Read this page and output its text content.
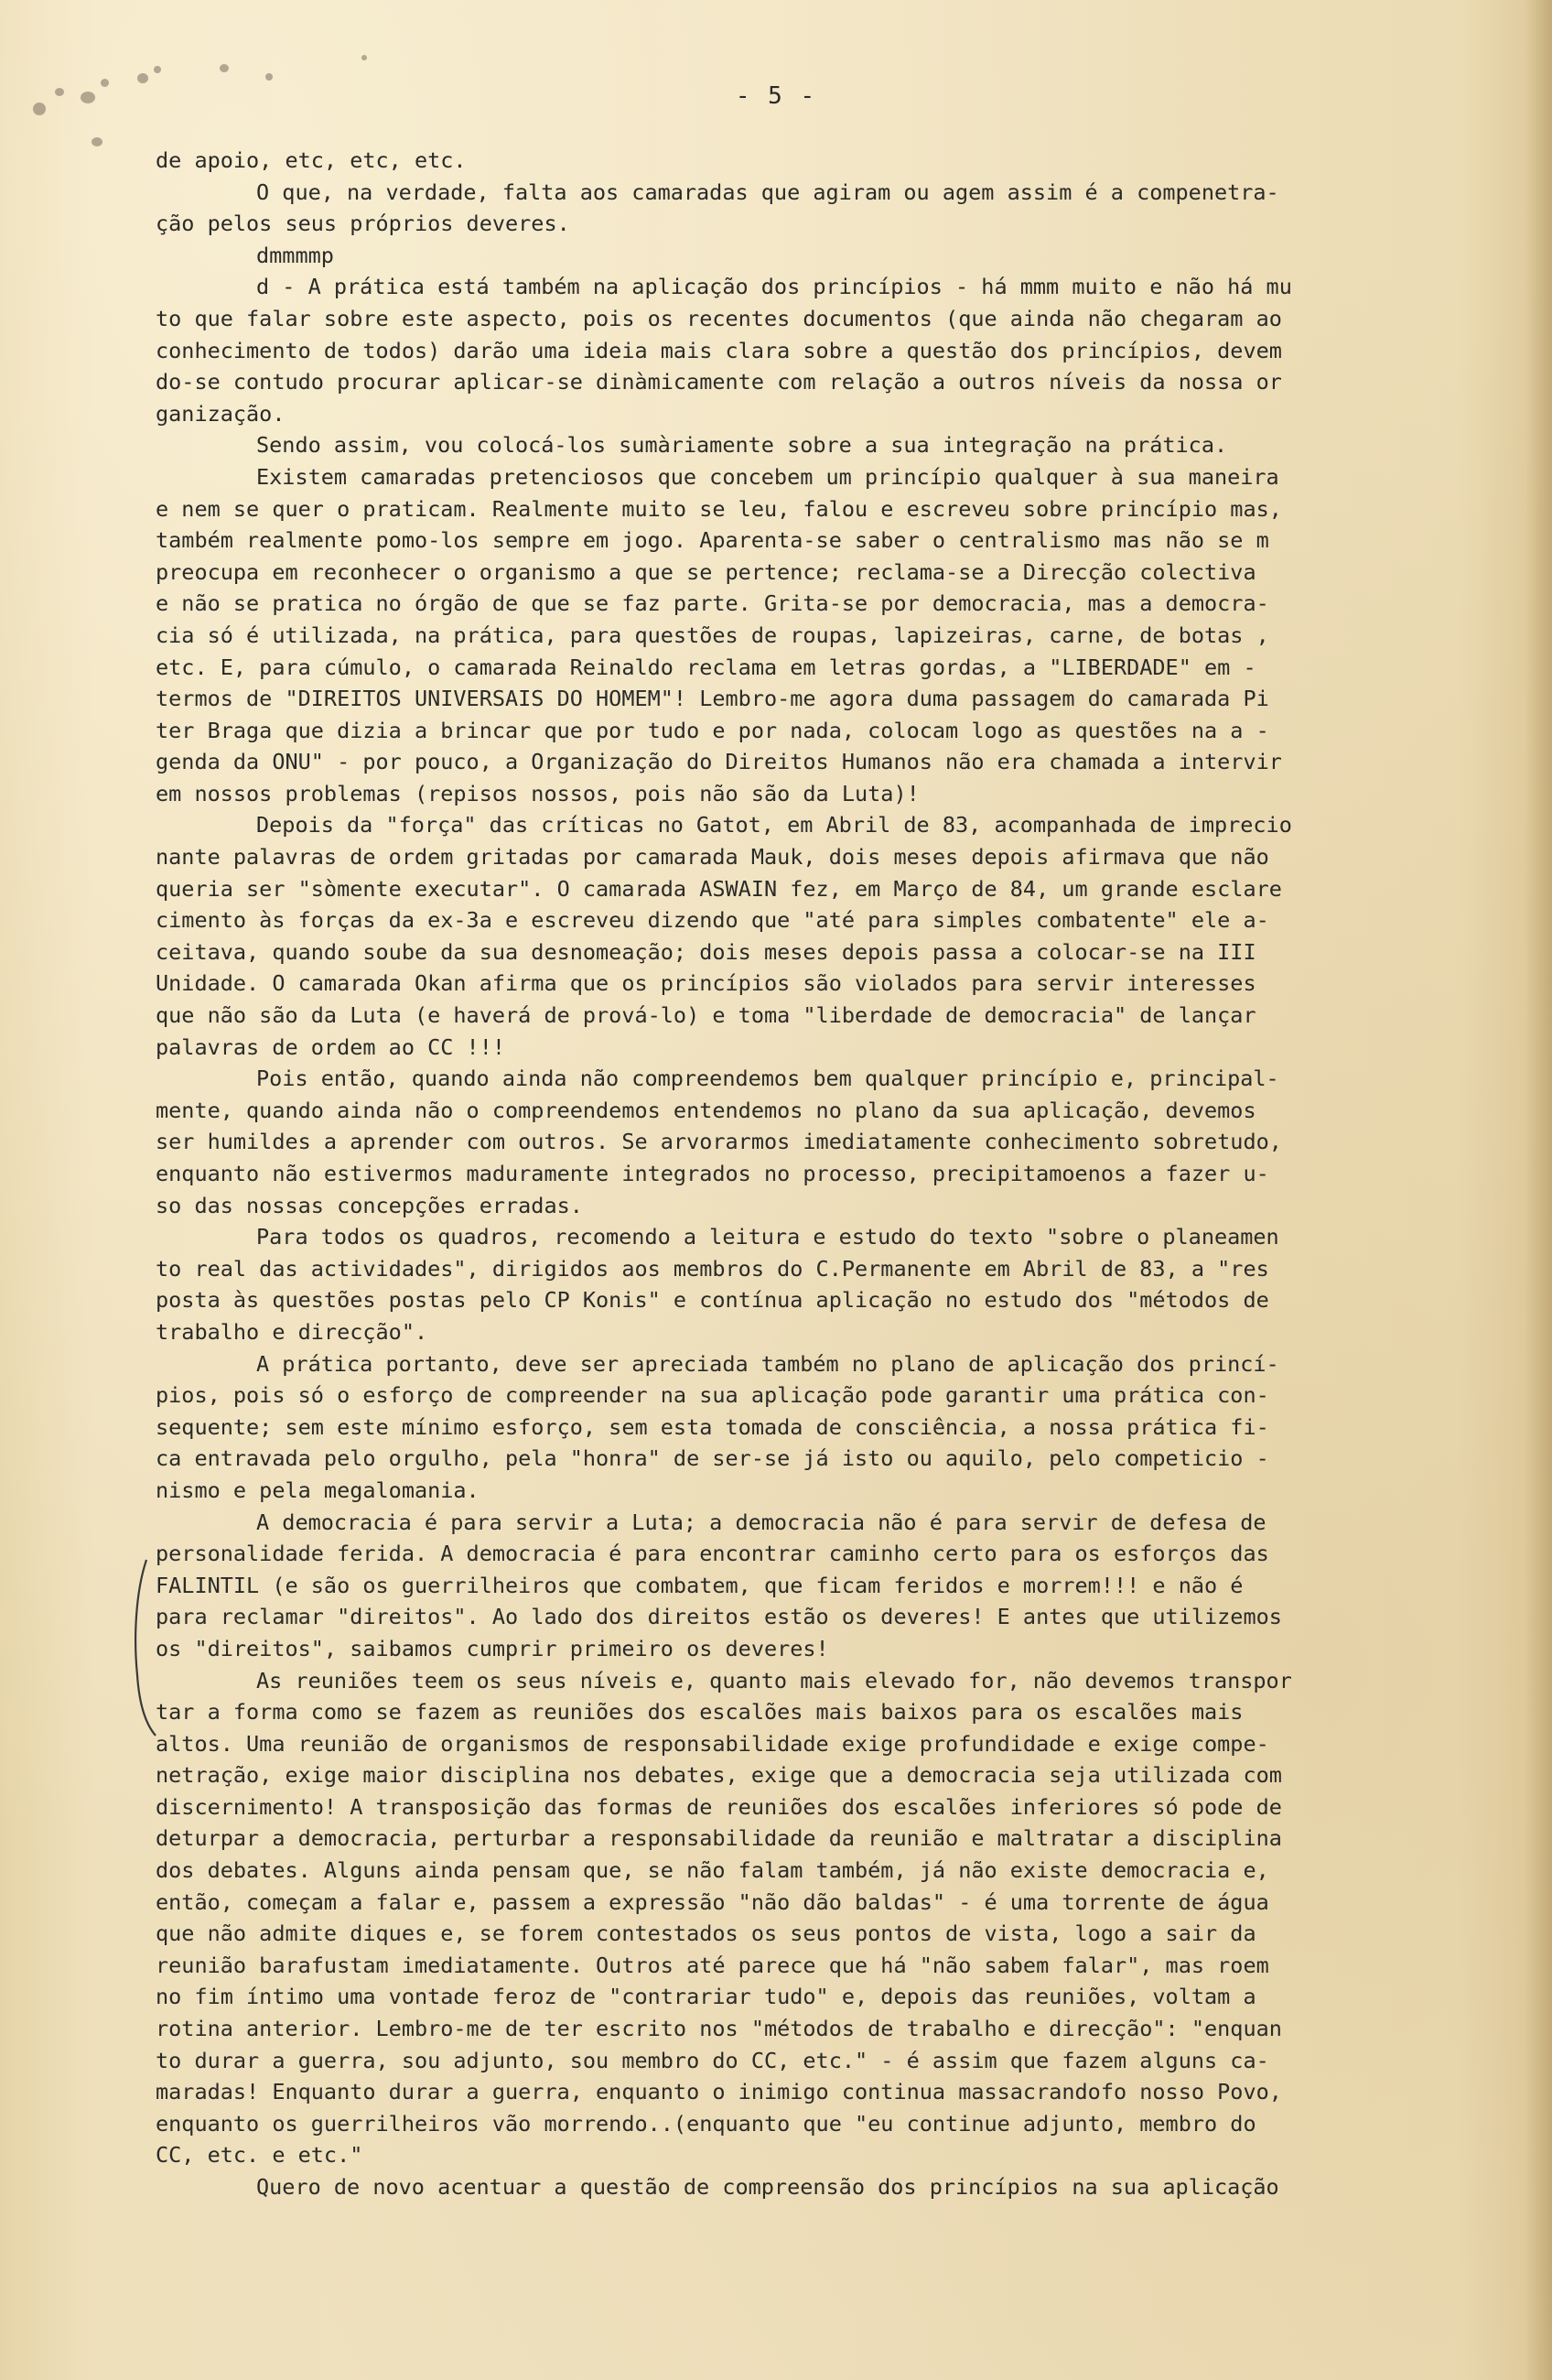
- 5 -
de apoio, etc, etc, etc.
O que, na verdade, falta aos camaradas que agiram ou agem assim é a compenetra-
ção pelos seus próprios deveres.
dmmmmp
d - A prática está também na aplicação dos princípios - há mmm muito e não há mu
to que falar sobre este aspecto, pois os recentes documentos (que ainda não chegaram ao
conhecimento de todos) darão uma ideia mais clara sobre a questão dos princípios, devem
do-se contudo procurar aplicar-se dinàmicamente com relação a outros níveis da nossa or
ganização.
Sendo assim, vou colocá-los sumàriamente sobre a sua integração na prática.
Existem camaradas pretenciosos que concebem um princípio qualquer à sua maneira
e nem se quer o praticam. Realmente muito se leu, falou e escreveu sobre princípio mas,
também realmente pomo-los sempre em jogo. Aparenta-se saber o centralismo mas não se m
preocupa em reconhecer o organismo a que se pertence; reclama-se a Direcção colectiva
e não se pratica no órgão de que se faz parte. Grita-se por democracia, mas a democra-
cia só é utilizada, na prática, para questões de roupas, lapizeiras, carne, de botas ,
etc. E, para cúmulo, o camarada Reinaldo reclama em letras gordas, a "LIBERDADE" em -
termos de "DIREITOS UNIVERSAIS DO HOMEM"! Lembro-me agora duma passagem do camarada Pi
ter Braga que dizia a brincar que por tudo e por nada, colocam logo as questões na a -
genda da ONU" - por pouco, a Organização do Direitos Humanos não era chamada a intervir
em nossos problemas (repisos nossos, pois não são da Luta)!
Depois da "força" das críticas no Gatot, em Abril de 83, acompanhada de imprecio
nante palavras de ordem gritadas por camarada Mauk, dois meses depois afirmava que não
queria ser "sòmente executar". O camarada ASWAIN fez, em Março de 84, um grande esclare
cimento às forças da ex-3a e escreveu dizendo que "até para simples combatente" ele a-
ceitava, quando soube da sua desnomeação; dois meses depois passa a colocar-se na III
Unidade. O camarada Okan afirma que os princípios são violados para servir interesses
que não são da Luta (e haverá de prová-lo) e toma "liberdade de democracia" de lançar
palavras de ordem ao CC !!!
Pois então, quando ainda não compreendemos bem qualquer princípio e, principal-
mente, quando ainda não o compreendemos entendemos no plano da sua aplicação, devemos
ser humildes a aprender com outros. Se arvorarmos imediatamente conhecimento sobretudo,
enquanto não estivermos maduramente integrados no processo, precipitamoenos a fazer u-
so das nossas concepções erradas.
Para todos os quadros, recomendo a leitura e estudo do texto "sobre o planeamen
to real das actividades", dirigidos aos membros do C.Permanente em Abril de 83, a "res
posta às questões postas pelo CP Konis" e contínua aplicação no estudo dos "métodos de
trabalho e direcção".
A prática portanto, deve ser apreciada também no plano de aplicação dos princí-
pios, pois só o esforço de compreender na sua aplicação pode garantir uma prática con-
sequente; sem este mínimo esforço, sem esta tomada de consciência, a nossa prática fi-
ca entravada pelo orgulho, pela "honra" de ser-se já isto ou aquilo, pelo competicio -
nismo e pela megalomania.
A democracia é para servir a Luta; a democracia não é para servir de defesa de
personalidade ferida. A democracia é para encontrar caminho certo para os esforços das
FALINTIL (e são os guerrilheiros que combatem, que ficam feridos e morrem!!! e não é
para reclamar "direitos". Ao lado dos direitos estão os deveres! E antes que utilizemos
os "direitos", saibamos cumprir primeiro os deveres!
As reuniões teem os seus níveis e, quanto mais elevado for, não devemos transpor
tar a forma como se fazem as reuniões dos escalões mais baixos para os escalões mais
altos. Uma reunião de organismos de responsabilidade exige profundidade e exige compe-
netração, exige maior disciplina nos debates, exige que a democracia seja utilizada com
discernimento! A transposição das formas de reuniões dos escalões inferiores só pode de
deturpar a democracia, perturbar a responsabilidade da reunião e maltratar a disciplina
dos debates. Alguns ainda pensam que, se não falam também, já não existe democracia e,
então, começam a falar e, passem a expressão "não dão baldas" - é uma torrente de água
que não admite diques e, se forem contestados os seus pontos de vista, logo a sair da
reunião barafustam imediatamente. Outros até parece que há "não sabem falar", mas roem
no fim íntimo uma vontade feroz de "contrariar tudo" e, depois das reuniões, voltam a
rotina anterior. Lembro-me de ter escrito nos "métodos de trabalho e direcção": "enquan
to durar a guerra, sou adjunto, sou membro do CC, etc." - é assim que fazem alguns ca-
maradas! Enquanto durar a guerra, enquanto o inimigo continua massacrandofo nosso Povo,
enquanto os guerrilheiros vão morrendo..(enquanto que "eu continue adjunto, membro do
CC, etc. e etc."
Quero de novo acentuar a questão de compreensão dos princípios na sua aplicação
